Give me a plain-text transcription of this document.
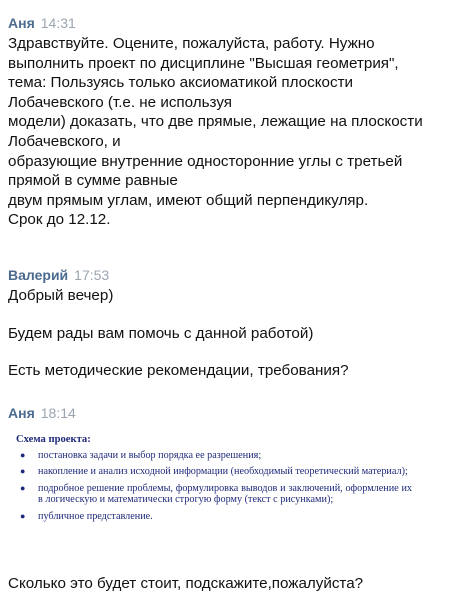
Аня 14:31
Здравствуйте. Оцените, пожалуйста, работу. Нужно
выполнить проект по дисциплине "Высшая геометрия",
тема: Пользуясь только аксиоматикой плоскости
Лобачевского (т.е. не используя
модели) доказать, что две прямые, лежащие на плоскости
Лобачевского, и
образующие внутренние односторонние углы с третьей
прямой в сумме равные
двум прямым углам, имеют общий перпендикуляр.
Срок до 12.12.
Валерий 17:53
Добрый вечер)
Будем рады вам помочь с данной работой)
Есть методические рекомендации, требования?
Аня 18:14
Схема проекта:
● постановка задачи и выбор порядка ее разрешения;
● накопление и анализ исходной информации (необходимый теоретический материал);
● подробное решение проблемы, формулировка выводов и заключений, оформление их в логическую и математически строгую форму (текст с рисунками);
● публичное представление.
Сколько это будет стоит, подскажите,пожалуйста?
